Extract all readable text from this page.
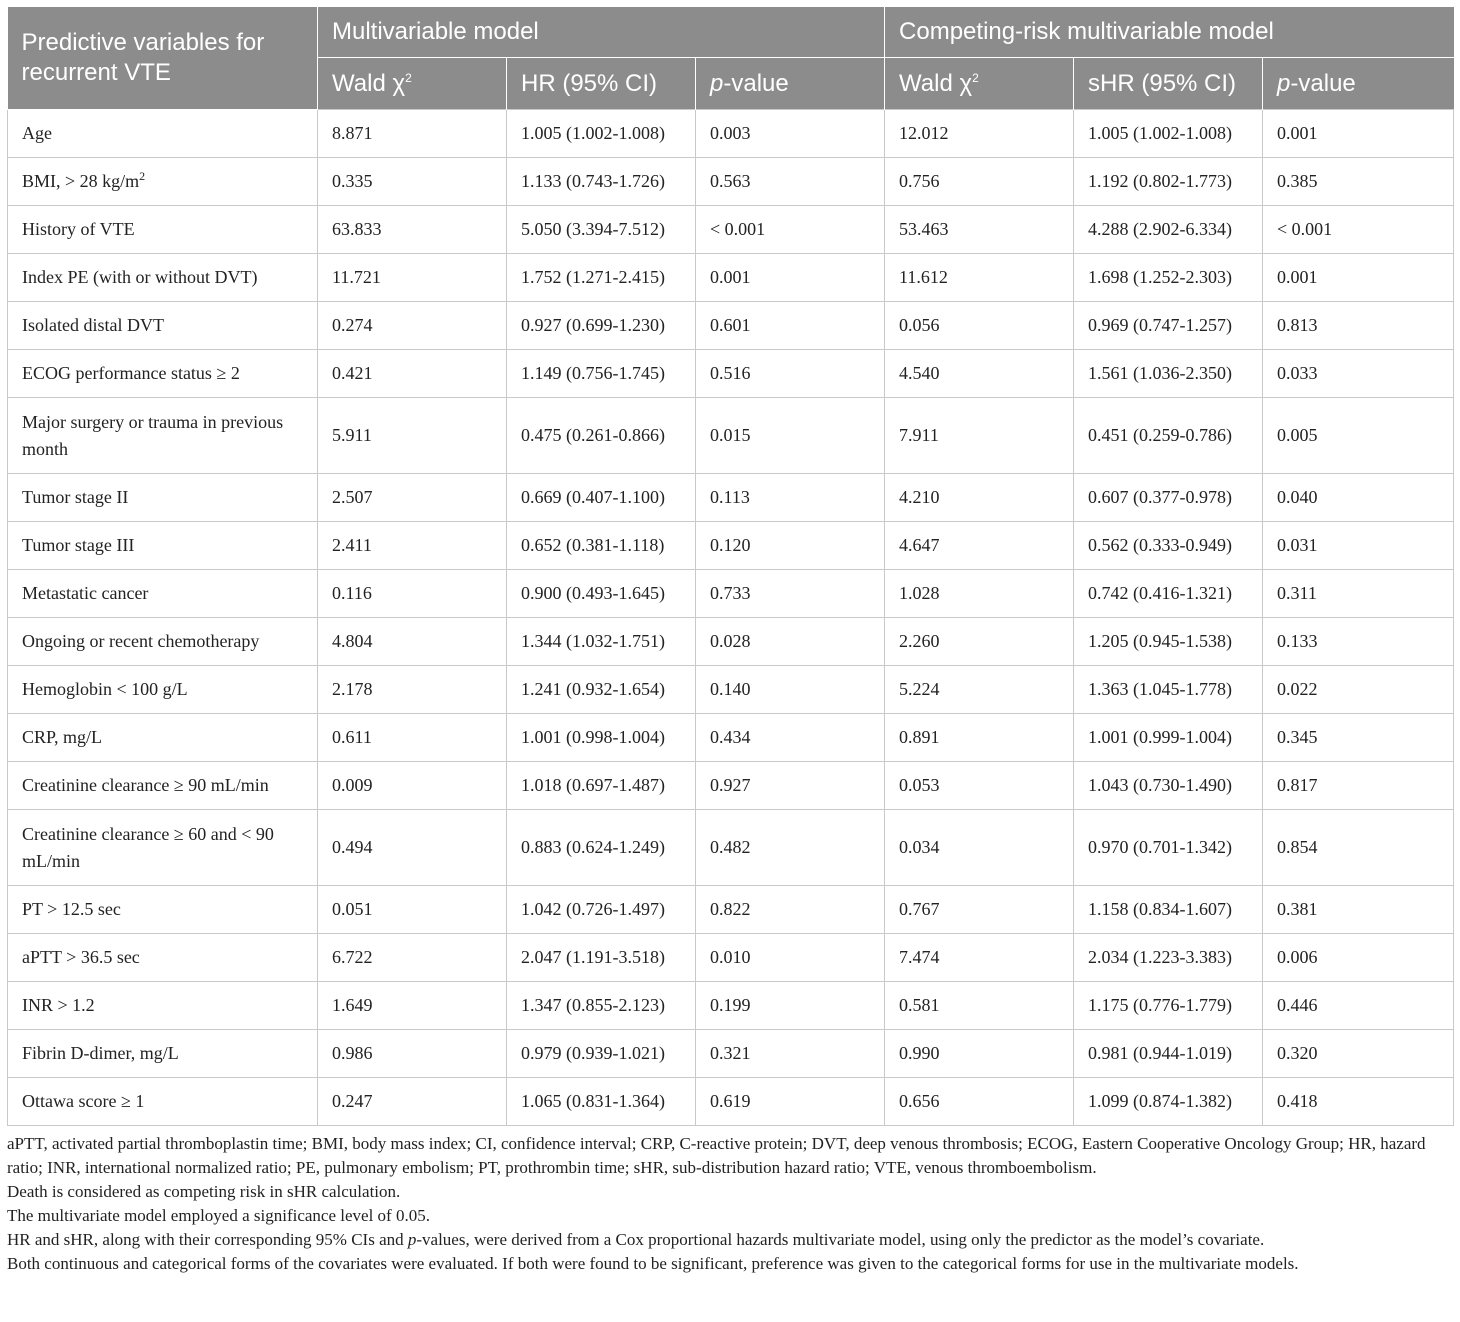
Predictive variables for recurrent VTE	Multivariable model			Competing-risk multivariable model		
	Wald $\chi^2$	HR (95% CI)	p-value	Wald $\chi^2$	sHR (95% CI)	p-value
Age	8.871	1.005 (1.002-1.008)	0.003	12.012	1.005 (1.002-1.008)	0.001
BMI, > 28 $kg/m^2$	0.335	1.133 (0.743-1.726)	0.563	0.756	1.192 (0.802-1.773)	0.385
History of VTE	63.833	5.050 (3.394-7.512)	< 0.001	53.463	4.288 (2.902-6.334)	< 0.001
Index PE (with or without DVT)	11.721	1.752 (1.271-2.415)	0.001	11.612	1.698 (1.252-2.303)	0.001
Isolated distal DVT	0.274	0.927 (0.699-1.230)	0.601	0.056	0.969 (0.747-1.257)	0.813
ECOG performance status ≥ 2	0.421	1.149 (0.756-1.745)	0.516	4.540	1.561 (1.036-2.350)	0.033
Major surgery or trauma in previous month	5.911	0.475 (0.261-0.866)	0.015	7.911	0.451 (0.259-0.786)	0.005
Tumor stage II	2.507	0.669 (0.407-1.100)	0.113	4.210	0.607 (0.377-0.978)	0.040
Tumor stage III	2.411	0.652 (0.381-1.118)	0.120	4.647	0.562 (0.333-0.949)	0.031
Metastatic cancer	0.116	0.900 (0.493-1.645)	0.733	1.028	0.742 (0.416-1.321)	0.311
Ongoing or recent chemotherapy	4.804	1.344 (1.032-1.751)	0.028	2.260	1.205 (0.945-1.538)	0.133
Hemoglobin < 100 g/L	2.178	1.241 (0.932-1.654)	0.140	5.224	1.363 (1.045-1.778)	0.022
CRP, mg/L	0.611	1.001 (0.998-1.004)	0.434	0.891	1.001 (0.999-1.004)	0.345
Creatinine clearance ≥ 90 mL/min	0.009	1.018 (0.697-1.487)	0.927	0.053	1.043 (0.730-1.490)	0.817
Creatinine clearance ≥ 60 and < 90 mL/min	0.494	0.883 (0.624-1.249)	0.482	0.034	0.970 (0.701-1.342)	0.854
PT > 12.5 sec	0.051	1.042 (0.726-1.497)	0.822	0.767	1.158 (0.834-1.607)	0.381
aPTT > 36.5 sec	6.722	2.047 (1.191-3.518)	0.010	7.474	2.034 (1.223-3.383)	0.006
INR > 1.2	1.649	1.347 (0.855-2.123)	0.199	0.581	1.175 (0.776-1.779)	0.446
Fibrin D-dimer, mg/L	0.986	0.979 (0.939-1.021)	0.321	0.990	0.981 (0.944-1.019)	0.320
Ottawa score ≥ 1	0.247	1.065 (0.831-1.364)	0.619	0.656	1.099 (0.874-1.382)	0.418

aPTT, activated partial thromboplastin time; BMI, body mass index; CI, confidence interval; CRP, C-reactive protein; DVT, deep venous thrombosis; ECOG, Eastern Cooperative Oncology Group; HR, hazard ratio; INR, international normalized ratio; PE, pulmonary embolism; PT, prothrombin time; sHR, sub-distribution hazard ratio; VTE, venous thromboembolism.

Death is considered as competing risk in sHR calculation.

The multivariate model employed a significance level of 0.05.

HR and sHR, along with their corresponding 95% CIs and p-values, were derived from a Cox proportional hazards multivariate model, using only the predictor as the model’s covariate.

Both continuous and categorical forms of the covariates were evaluated. If both were found to be significant, preference was given to the categorical forms for use in the multivariate models.
